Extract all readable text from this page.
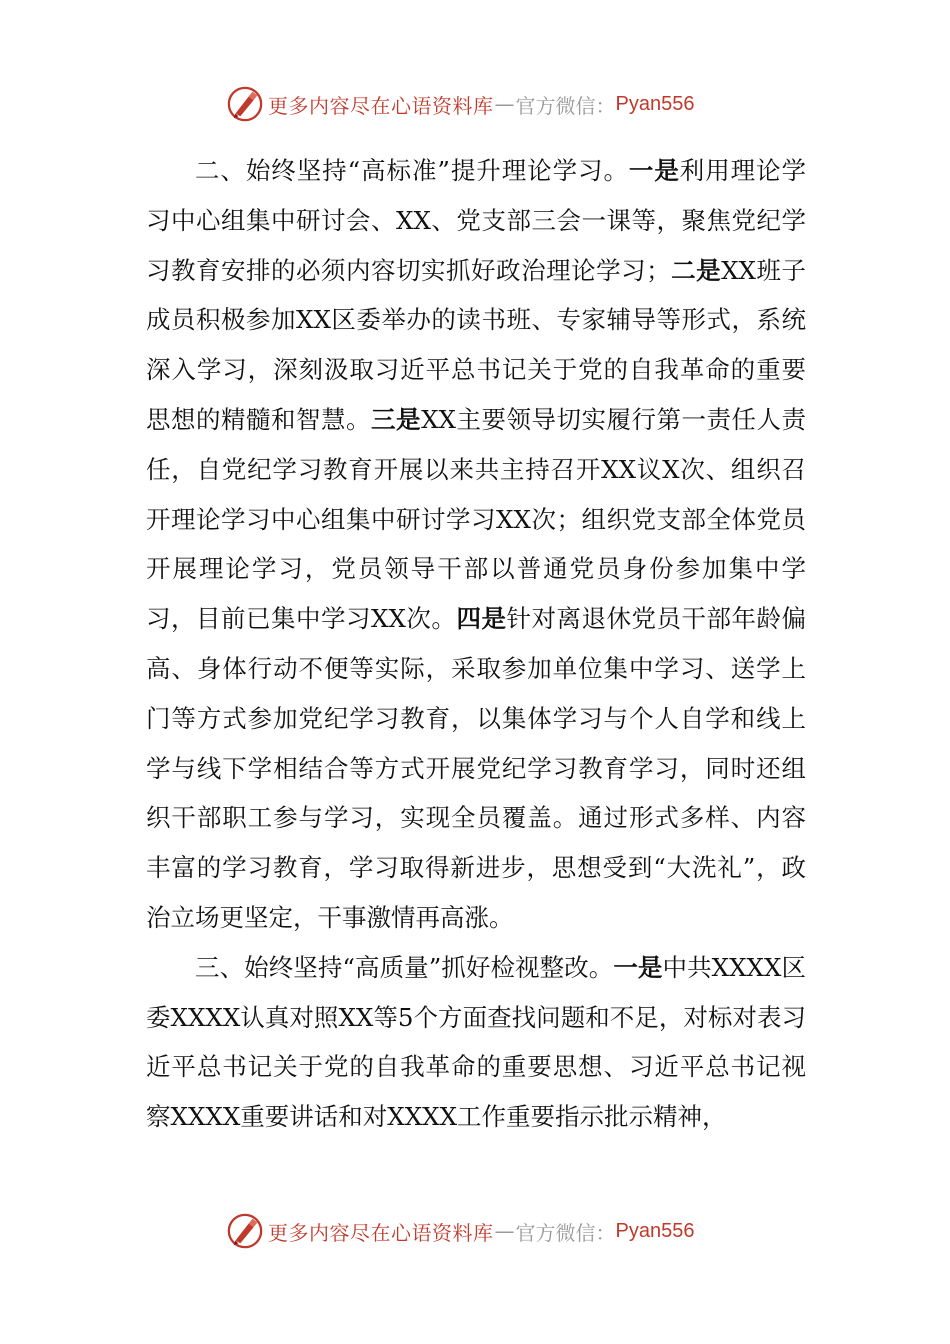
更多内容尽在心语资料库 — 官方微信： Pyan556

二、始终坚持“高标准”提升理论学习。一是利用理论学习中心组集中研讨会、XX、党支部三会一课等，聚焦党纪学习教育安排的必须内容切实抓好政治理论学习；二是XX班子成员积极参加XX区委举办的读书班、专家辅导等形式，系统深入学习，深刻汲取习近平总书记关于党的自我革命的重要思想的精髓和智慧。三是XX主要领导切实履行第一责任人责任，自党纪学习教育开展以来共主持召开XX议X次、组织召开理论学习中心组集中研讨学习XX次；组织党支部全体党员开展理论学习，党员领导干部以普通党员身份参加集中学习，目前已集中学习XX次。四是针对离退休党员干部年龄偏高、身体行动不便等实际，采取参加单位集中学习、送学上门等方式参加党纪学习教育，以集体学习与个人自学和线上学与线下学相结合等方式开展党纪学习教育学习，同时还组织干部职工参与学习，实现全员覆盖。通过形式多样、内容丰富的学习教育，学习取得新进步，思想受到“大洗礼”，政治立场更坚定，干事激情再高涨。

三、始终坚持“高质量”抓好检视整改。一是中共XXXX区委XXXX认真对照XX等5个方面查找问题和不足，对标对表习近平总书记关于党的自我革命的重要思想、习近平总书记视察XXXX重要讲话和对XXXX工作重要指示批示精神，

更多内容尽在心语资料库 — 官方微信： Pyan556
